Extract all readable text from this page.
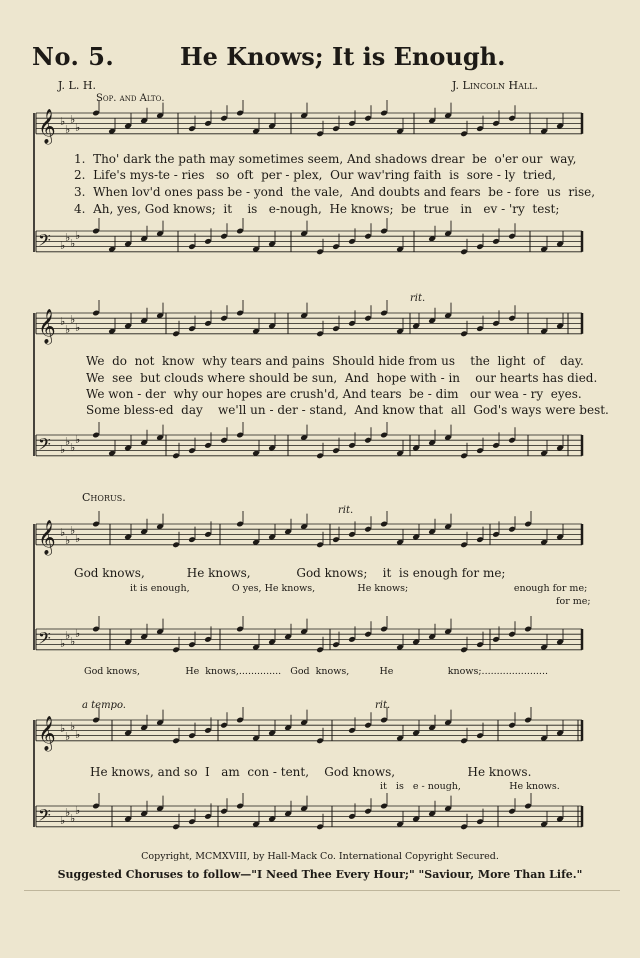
No. 5.	He Knows; It is Enough.
J. L. H.	J. Lincoln Hall.
Sop. and Alto.
𝄞 ♭
♭
♭
♭
𝄢 ♭
♭ ♭
♭
𝄞 ♭
♭
♭
♭
𝄢 ♭
♭ ♭
♭
𝄞 ♭
♭
♭
♭
𝄢 ♭
♭ ♭
♭
𝄞 ♭
♭
♭
♭
𝄢 ♭
♭ ♭
♭
1.  Tho' dark the path may sometimes seem, And shadows drear  be  o'er our  way,
2.  Life's mys-te - ries   so  oft  per - plex,  Our wav'ring faith  is  sore - ly  tried,
3.  When lov'd ones pass be - yond  the vale,  And doubts and fears  be - fore  us  rise,
4.  Ah, yes, God knows;  it    is   e-nough,  He knows;  be  true   in   ev - 'ry  test;
rit.
We  do  not  know  why tears and pains  Should hide from us    the  light  of    day.
We  see  but clouds where should be sun,  And  hope with - in    our hearts has died.
We won - der  why our hopes are crush'd, And tears  be - dim   our wea - ry  eyes.
Some bless-ed  day    we'll un - der - stand,  And know that  all  God's ways were best.
Chorus.
rit.
God knows,           He knows,            God knows;    it  is enough for me;
it is enough,              O yes, He knows,              He knows;                                   enough for me;
for me;
God knows,               He  knows,..............   God  knows,          He                  knows;......................
a tempo.	rit.
He knows, and so  I   am  con - tent,    God knows,                   He knows.
it   is   e - nough,                He knows.
Copyright, MCMXVIII, by Hall-Mack Co. International Copyright Secured.
Suggested Choruses to follow—"I Need Thee Every Hour;" "Saviour, More Than Life."
